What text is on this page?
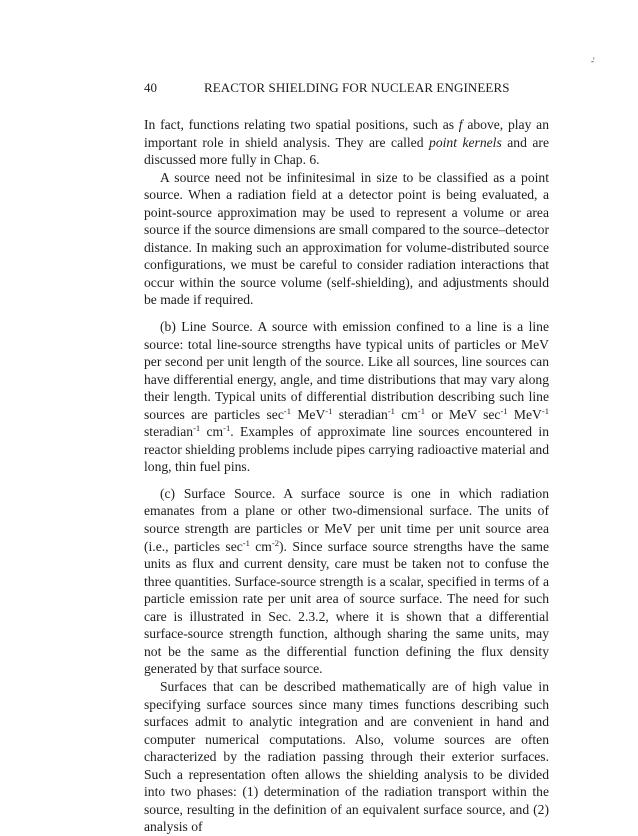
-'
40	REACTOR SHIELDING FOR NUCLEAR ENGINEERS

In fact, functions relating two spatial positions, such as f above, play an important role in shield analysis. They are called point kernels and are discussed more fully in Chap. 6.

A source need not be infinitesimal in size to be classified as a point source. When a radiation field at a detector point is being evaluated, a point-source approximation may be used to represent a volume or area source if the source dimensions are small compared to the source–detector distance. In making such an approximation for volume-distributed source configurations, we must be careful to consider radiation interactions that occur within the source volume (self-shielding), and adjustments should be made if required.

(b) Line Source. A source with emission confined to a line is a line source: total line-source strengths have typical units of particles or MeV per second per unit length of the source. Like all sources, line sources can have differential energy, angle, and time distributions that may vary along their length. Typical units of differential distribution describing such line sources are particles $\sec^{-1} MeV^{-1}$ steradian$^{-1}$ $cm^{-1}$ or MeV $\sec^{-1} MeV^{-1}$ steradian$^{-1}$ $cm^{-1}$. Examples of approximate line sources encountered in reactor shielding problems include pipes carrying radioactive material and long, thin fuel pins.

(c) Surface Source. A surface source is one in which radiation emanates from a plane or other two-dimensional surface. The units of source strength are particles or MeV per unit time per unit source area (i.e., particles $\sec^{-1} cm^{-2}$). Since surface source strengths have the same units as flux and current density, care must be taken not to confuse the three quantities. Surface-source strength is a scalar, specified in terms of a particle emission rate per unit area of source surface. The need for such care is illustrated in Sec. 2.3.2, where it is shown that a differential surface-source strength function, although sharing the same units, may not be the same as the differential function defining the flux density generated by that surface source.

Surfaces that can be described mathematically are of high value in specifying surface sources since many times functions describing such surfaces admit to analytic integration and are convenient in hand and computer numerical computations. Also, volume sources are often characterized by the radiation passing through their exterior surfaces. Such a representation often allows the shielding analysis to be divided into two phases: (1) determination of the radiation transport within the source, resulting in the definition of an equivalent surface source, and (2) analysis of
